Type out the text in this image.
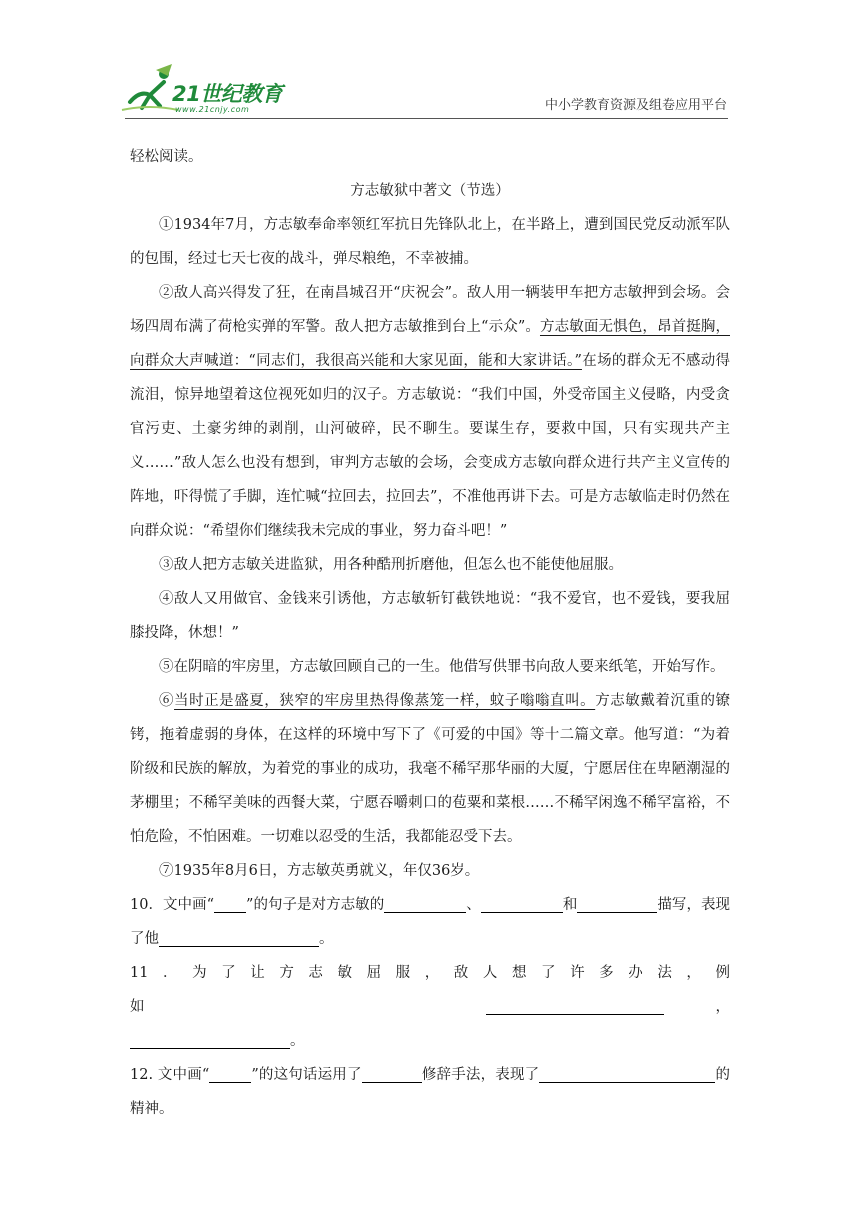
21世纪教育
www.21cnjy.com	中小学教育资源及组卷应用平台

轻松阅读。

方志敏狱中著文（节选）

①1934年7月，方志敏奉命率领红军抗日先锋队北上，在半路上，遭到国民党反动派军队的包围，经过七天七夜的战斗，弹尽粮绝，不幸被捕。

②敌人高兴得发了狂，在南昌城召开“庆祝会”。敌人用一辆装甲车把方志敏押到会场。会场四周布满了荷枪实弹的军警。敌人把方志敏推到台上“示众”。方志敏面无惧色，昂首挺胸，向群众大声喊道：“同志们，我很高兴能和大家见面，能和大家讲话。”在场的群众无不感动得流泪，惊异地望着这位视死如归的汉子。方志敏说：“我们中国，外受帝国主义侵略，内受贪官污吏、土豪劣绅的剥削，山河破碎，民不聊生。要谋生存，要救中国，只有实现共产主义……”敌人怎么也没有想到，审判方志敏的会场，会变成方志敏向群众进行共产主义宣传的阵地，吓得慌了手脚，连忙喊“拉回去，拉回去”，不准他再讲下去。可是方志敏临走时仍然在向群众说：“希望你们继续我未完成的事业，努力奋斗吧！”

③敌人把方志敏关进监狱，用各种酷刑折磨他，但怎么也不能使他屈服。

④敌人又用做官、金钱来引诱他，方志敏斩钉截铁地说：“我不爱官，也不爱钱，要我屈膝投降，休想！”

⑤在阴暗的牢房里，方志敏回顾自己的一生。他借写供罪书向敌人要来纸笔，开始写作。

⑥当时正是盛夏，狭窄的牢房里热得像蒸笼一样，蚊子嗡嗡直叫。方志敏戴着沉重的镣铐，拖着虚弱的身体，在这样的环境中写下了《可爱的中国》等十二篇文章。他写道：“为着阶级和民族的解放，为着党的事业的成功，我毫不稀罕那华丽的大厦，宁愿居住在卑陋潮湿的茅棚里；不稀罕美味的西餐大菜，宁愿吞嚼刺口的苞粟和菜根……不稀罕闲逸不稀罕富裕，不怕危险，不怕困难。一切难以忍受的生活，我都能忍受下去。

⑦1935年8月6日，方志敏英勇就义，年仅36岁。

10．文中画“ ”的句子是对方志敏的	、	和	描写，表现了他	。

11．为了让方志敏屈服，敌人想了许多办法，例如	，。

12. 文中画“	”的这句话运用了	修辞手法，表现了	的精神。
